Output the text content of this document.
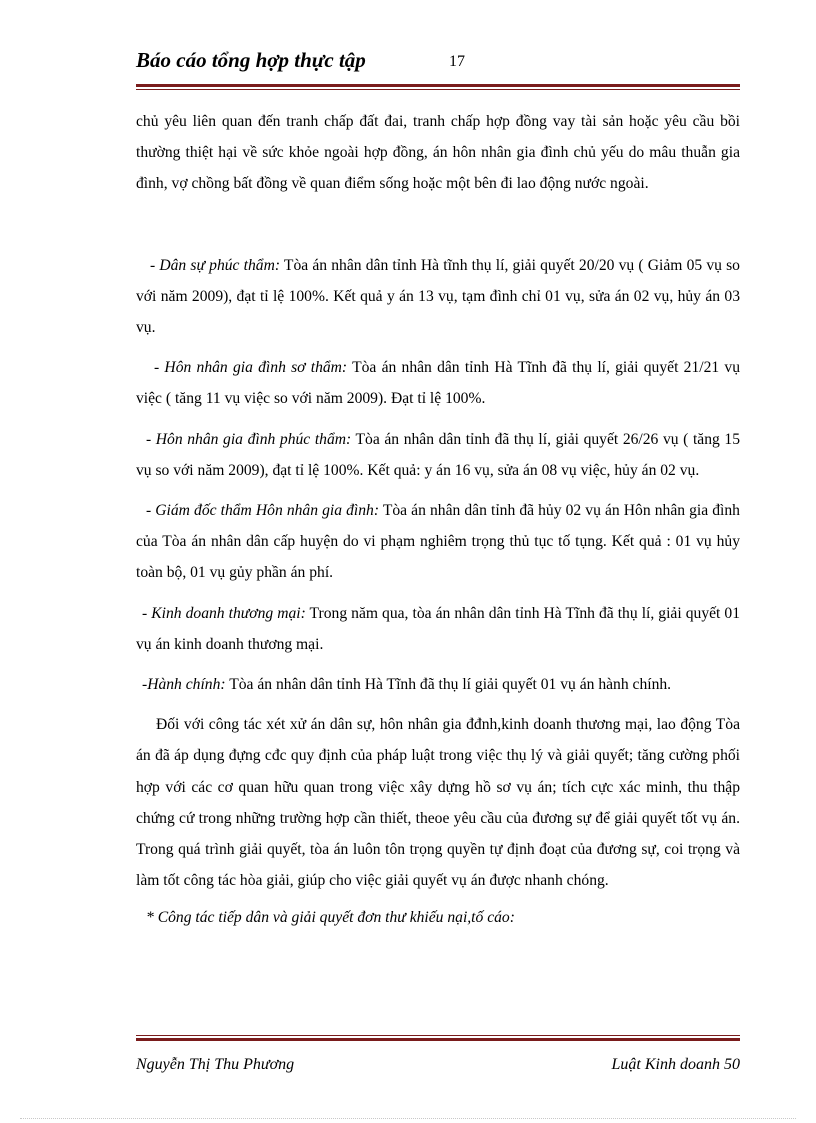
Báo cáo tổng hợp thực tập	17

chủ yêu liên quan đến tranh chấp đất đai, tranh chấp hợp đồng vay tài sản hoặc yêu cầu bồi thường thiệt hại về sức khỏe ngoài hợp đồng, án hôn nhân gia đình chủ yếu do mâu thuẫn gia đình, vợ chồng bất đồng về quan điểm sống hoặc một bên đi lao động nước ngoài.

- Dân sự phúc thẩm: Tòa án nhân dân tỉnh Hà tĩnh thụ lí, giải quyết 20/20 vụ ( Giảm 05 vụ so với năm 2009), đạt tỉ lệ 100%. Kết quả y án 13 vụ, tạm đình chỉ 01 vụ, sửa án 02 vụ, hủy án 03 vụ.

- Hôn nhân gia đình sơ thẩm: Tòa án nhân dân tỉnh Hà Tĩnh đã thụ lí, giải quyết 21/21 vụ việc ( tăng 11 vụ việc so với năm 2009). Đạt tỉ lệ 100%.

- Hôn nhân gia đình phúc thẩm: Tòa án nhân dân tỉnh đã thụ lí, giải quyết 26/26 vụ ( tăng 15 vụ so với năm 2009), đạt tỉ lệ 100%. Kết quả: y án 16 vụ, sửa án 08 vụ việc, hủy án 02 vụ.

- Giám đốc thẩm Hôn nhân gia đình: Tòa án nhân dân tỉnh đã hủy 02 vụ án Hôn nhân gia đình của Tòa án nhân dân cấp huyện do vi phạm nghiêm trọng thủ tục tố tụng. Kết quả : 01 vụ hủy toàn bộ, 01 vụ gủy phần án phí.

- Kinh doanh thương mại: Trong năm qua, tòa án nhân dân tỉnh Hà Tĩnh đã thụ lí, giải quyết 01 vụ án kinh doanh thương mại.

-Hành chính: Tòa án nhân dân tỉnh Hà Tĩnh đã thụ lí giải quyết 01 vụ án hành chính.

Đối với công tác xét xử án dân sự, hôn nhân gia đđnh,kinh doanh thương mại, lao động Tòa án đã áp dụng đựng cđc quy định của pháp luật trong việc thụ lý và giải quyết; tăng cường phối hợp với các cơ quan hữu quan trong việc xây dựng hồ sơ vụ án; tích cực xác minh, thu thập chứng cứ trong những trường hợp cần thiết, theoe yêu cầu của đương sự để giải quyết tốt vụ án. Trong quá trình giải quyết, tòa án luôn tôn trọng quyền tự định đoạt của đương sự, coi trọng và làm tốt công tác hòa giải, giúp cho việc giải quyết vụ án được nhanh chóng.

* Công tác tiếp dân và giải quyết đơn thư khiếu nại,tố cáo:

Nguyễn Thị Thu Phương	Luật Kinh doanh 50
